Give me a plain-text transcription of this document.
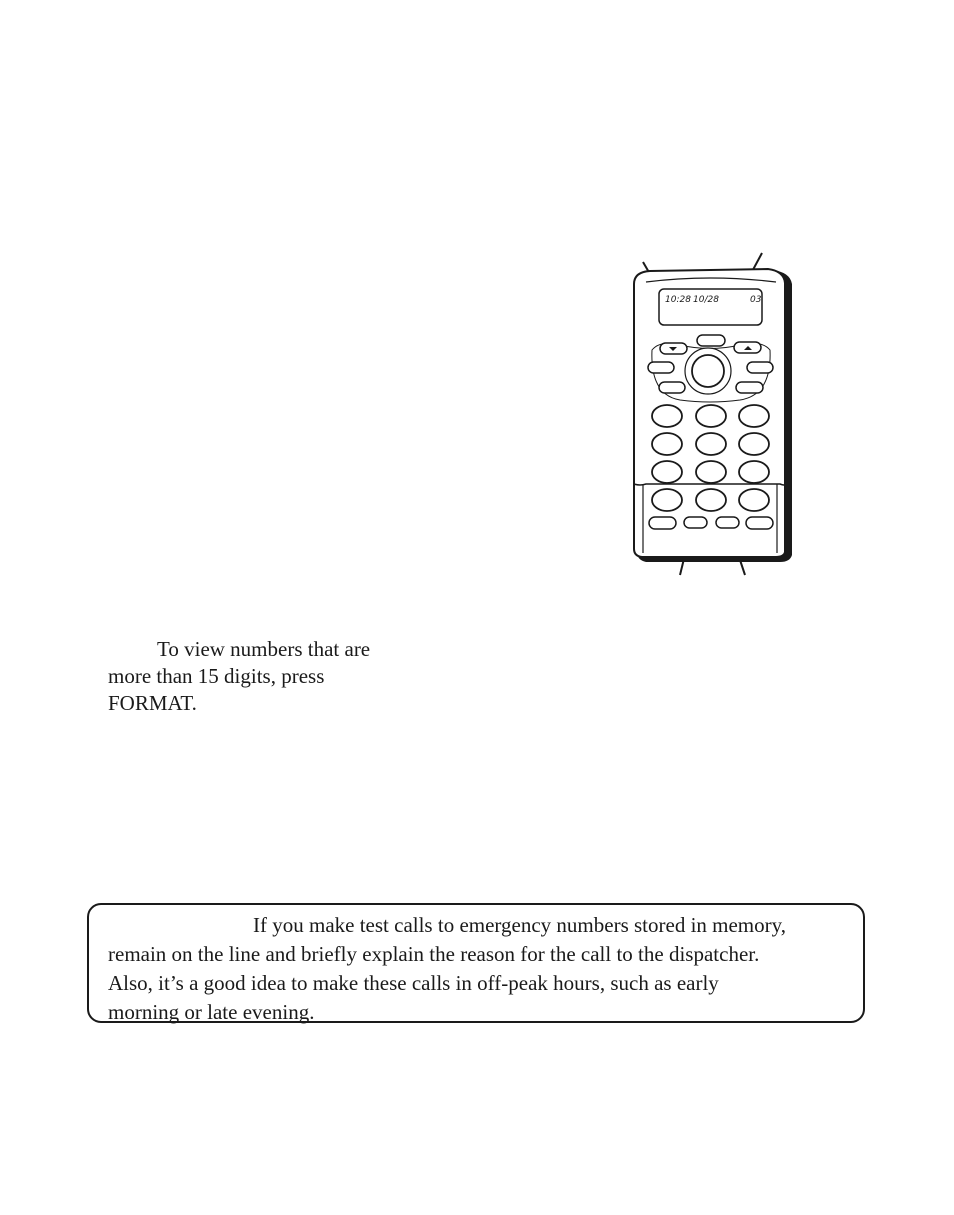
10:28 10/28	03
To view numbers that are
more than 15 digits, press
FORMAT.
If you make test calls to emergency numbers stored in memory,
remain on the line and briefly explain the reason for the call to the dispatcher.
Also, it’s a good idea to make these calls in off-peak hours, such as early
morning or late evening.
